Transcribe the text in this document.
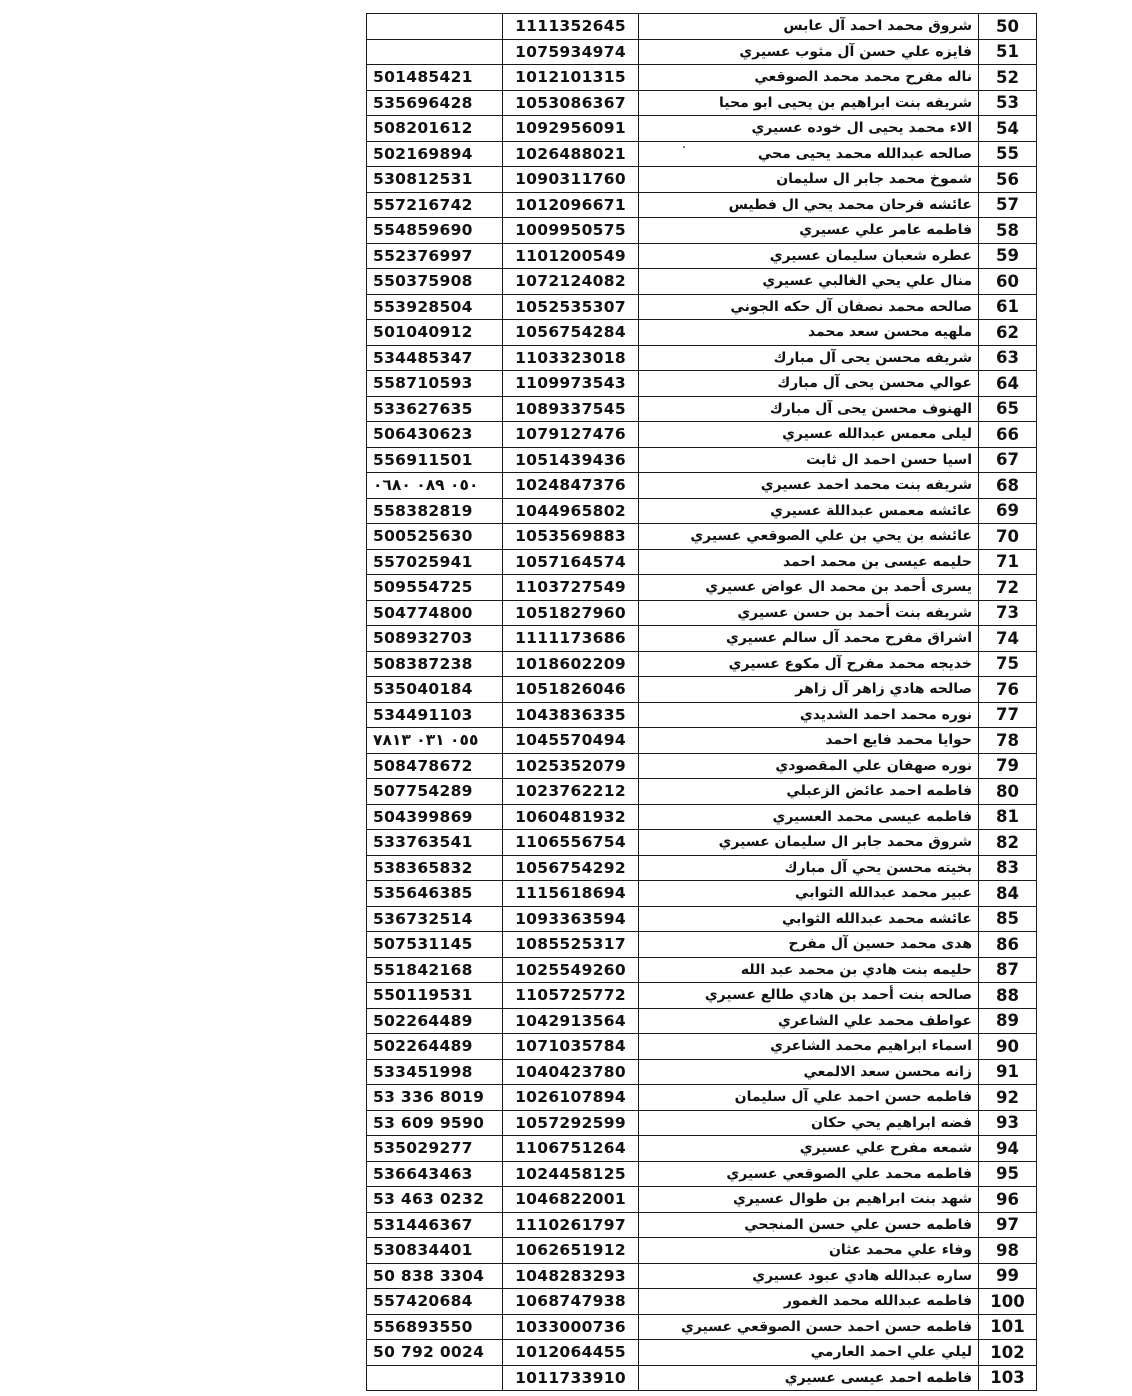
	1111352645	شروق محمد احمد آل عابس	50
	1075934974	فايزه علي حسن آل مثوب عسيري	51
501485421	1012101315	ناله مفرح محمد محمد الصوقعي	52
535696428	1053086367	شريفه بنت ابراهيم بن يحيى ابو محيا	53
508201612	1092956091	الاء محمد يحيى ال خوده عسيري	54
502169894	1026488021	صالحه عبدالله محمد يحيى محي	55
530812531	1090311760	شموخ محمد جابر ال سليمان	56
557216742	1012096671	عائشه فرحان محمد يحي ال فطيس	57
554859690	1009950575	فاطمه عامر علي عسيري	58
552376997	1101200549	عطره شعبان سليمان عسيري	59
550375908	1072124082	منال علي يحي الغالبي عسيري	60
553928504	1052535307	صالحه محمد نصفان آل حكه الجوني	61
501040912	1056754284	ملهيه محسن سعد محمد	62
534485347	1103323018	شريفه محسن يحى آل مبارك	63
558710593	1109973543	عوالي محسن يحى آل مبارك	64
533627635	1089337545	الهنوف محسن يحى آل مبارك	65
506430623	1079127476	ليلى معمس عبدالله عسيري	66
556911501	1051439436	اسيا حسن احمد ال ثابت	67
٠٥٠ ٠٨٩ ٠٦٨٠	1024847376	شريفه بنت محمد احمد عسيري	68
558382819	1044965802	عائشه معمس عبداللة عسيري	69
500525630	1053569883	عائشه بن يحي بن علي الصوقعي عسيري	70
557025941	1057164574	حليمه عيسى بن محمد احمد	71
509554725	1103727549	يسرى أحمد بن محمد ال عواض عسيري	72
504774800	1051827960	شريفه بنت أحمد بن حسن عسيري	73
508932703	1111173686	اشراق مفرح محمد آل سالم عسيري	74
508387238	1018602209	خديجه محمد مفرح آل مكوع عسيري	75
535040184	1051826046	صالحه هادي زاهر آل زاهر	76
534491103	1043836335	نوره محمد احمد الشديدي	77
٠٥٥ ٠٣١ ٧٨١٣	1045570494	حوايا محمد فايع احمد	78
508478672	1025352079	نوره صهفان علي المقصودي	79
507754289	1023762212	فاطمه احمد عائض الزعبلي	80
504399869	1060481932	فاطمه عيسى محمد العسيري	81
533763541	1106556754	شروق محمد جابر ال سليمان عسيري	82
538365832	1056754292	بخيته محسن يحي آل مبارك	83
535646385	1115618694	عبير محمد عبدالله الثوابي	84
536732514	1093363594	عائشه محمد عبدالله الثوابي	85
507531145	1085525317	هدى محمد حسين آل مفرح	86
551842168	1025549260	حليمه بنت هادي بن محمد عبد الله	87
550119531	1105725772	صالحه بنت أحمد بن هادي طالع عسيري	88
502264489	1042913564	عواطف محمد علي الشاعري	89
502264489	1071035784	اسماء ابراهيم محمد الشاعري	90
533451998	1040423780	زانه محسن سعد الالمعي	91
53 336 8019	1026107894	فاطمه حسن احمد علي آل سليمان	92
53 609 9590	1057292599	فضه ابراهيم يحي حكان	93
535029277	1106751264	شمعه مفرح علي عسيري	94
536643463	1024458125	فاطمه محمد علي الصوقعي عسيري	95
53 463 0232	1046822001	شهد بنت ابراهيم بن طوال عسيري	96
531446367	1110261797	فاطمه حسن علي حسن المنجحي	97
530834401	1062651912	وفاء علي محمد عثان	98
50 838 3304	1048283293	ساره عبدالله هادي عبود عسيري	99
557420684	1068747938	فاطمه عبدالله محمد الغمور	100
556893550	1033000736	فاطمه حسن احمد حسن الصوقعي عسيري	101
50 792 0024	1012064455	ليلي علي احمد العارمي	102
	1011733910	فاطمه احمد عيسى عسيري	103
